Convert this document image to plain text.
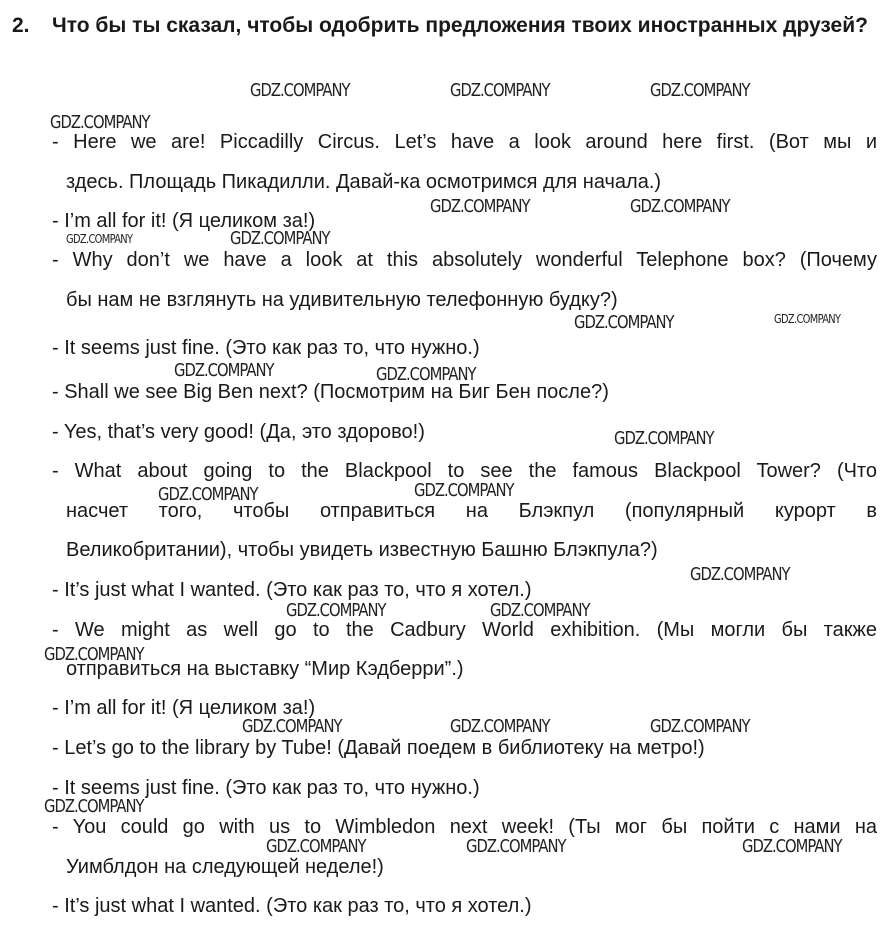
2. Что бы ты сказал, чтобы одобрить предложения твоих иностранных друзей?
- Here we are! Piccadilly Circus. Let’s have a look around here first. (Вот мы и
здесь. Площадь Пикадилли. Давай-ка осмотримся для начала.)
- I’m all for it! (Я целиком за!)
- Why don’t we have a look at this absolutely wonderful Telephone box? (Почему
бы нам не взглянуть на удивительную телефонную будку?)
- It seems just fine. (Это как раз то, что нужно.)
- Shall we see Big Ben next? (Посмотрим на Биг Бен после?)
- Yes, that’s very good! (Да, это здорово!)
- What about going to the Blackpool to see the famous Blackpool Tower? (Что
насчет того, чтобы отправиться на Блэкпул (популярный курорт в
Великобритании), чтобы увидеть известную Башню Блэкпула?)
- It’s just what I wanted. (Это как раз то, что я хотел.)
- We might as well go to the Cadbury World exhibition. (Мы могли бы также
отправиться на выставку “Мир Кэдберри”.)
- I’m all for it! (Я целиком за!)
- Let’s go to the library by Tube! (Давай поедем в библиотеку на метро!)
- It seems just fine. (Это как раз то, что нужно.)
- You could go with us to Wimbledon next week! (Ты мог бы пойти с нами на
Уимблдон на следующей неделе!)
- It’s just what I wanted. (Это как раз то, что я хотел.)
GDZ.COMPANY	GDZ.COMPANY	GDZ.COMPANY
GDZ.COMPANY
GDZ.COMPANY	GDZ.COMPANY
GDZ.COMPANY	GDZ.COMPANY
GDZ.COMPANY	GDZ.COMPANY
GDZ.COMPANY	GDZ.COMPANY
GDZ.COMPANY
GDZ.COMPANY	GDZ.COMPANY
GDZ.COMPANY
GDZ.COMPANY	GDZ.COMPANY
GDZ.COMPANY
GDZ.COMPANY	GDZ.COMPANY	GDZ.COMPANY
GDZ.COMPANY
GDZ.COMPANY	GDZ.COMPANY	GDZ.COMPANY
